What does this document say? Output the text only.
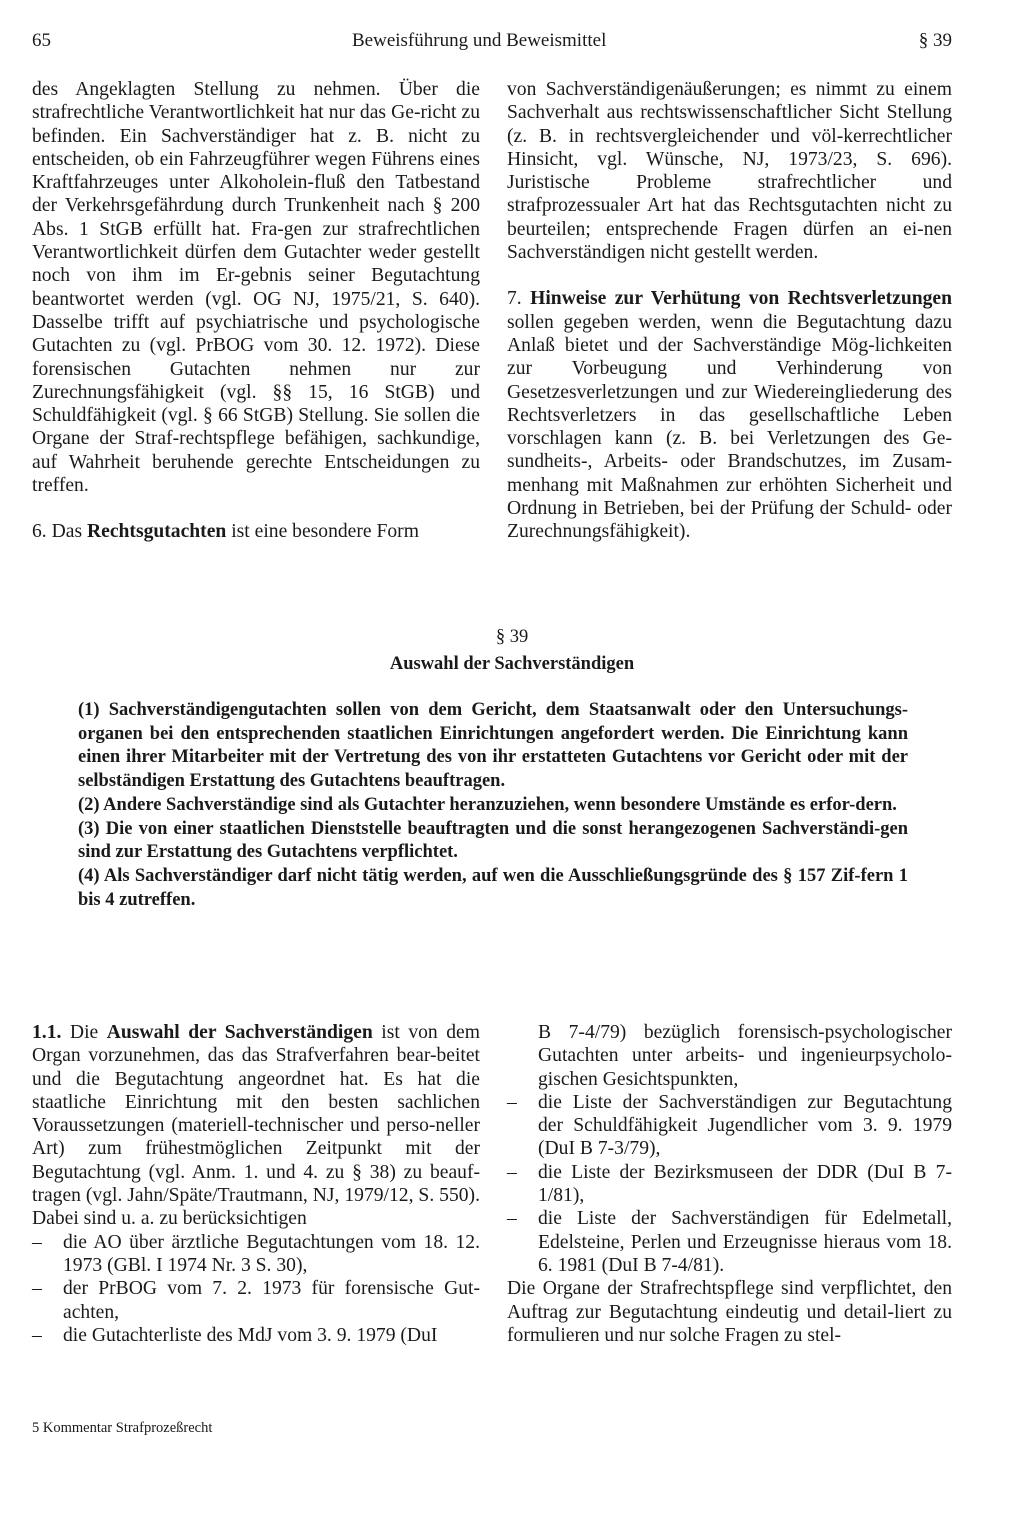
65	Beweisführung und Beweismittel	§ 39

des Angeklagten Stellung zu nehmen. Über die strafrechtliche Verantwortlichkeit hat nur das Ge-richt zu befinden. Ein Sachverständiger hat z. B. nicht zu entscheiden, ob ein Fahrzeugführer wegen Führens eines Kraftfahrzeuges unter Alkoholein-fluß den Tatbestand der Verkehrsgefährdung durch Trunkenheit nach § 200 Abs. 1 StGB erfüllt hat. Fra-gen zur strafrechtlichen Verantwortlichkeit dürfen dem Gutachter weder gestellt noch von ihm im Er-gebnis seiner Begutachtung beantwortet werden (vgl. OG NJ, 1975/21, S. 640). Dasselbe trifft auf psychiatrische und psychologische Gutachten zu (vgl. PrBOG vom 30. 12. 1972). Diese forensischen Gutachten nehmen nur zur Zurechnungsfähigkeit (vgl. §§ 15, 16 StGB) und Schuldfähigkeit (vgl. § 66 StGB) Stellung. Sie sollen die Organe der Straf-rechtspflege befähigen, sachkundige, auf Wahrheit beruhende gerechte Entscheidungen zu treffen.

6. Das Rechtsgutachten ist eine besondere Form

von Sachverständigenäußerungen; es nimmt zu einem Sachverhalt aus rechtswissenschaftlicher Sicht Stellung (z. B. in rechtsvergleichender und völ-kerrechtlicher Hinsicht, vgl. Wünsche, NJ, 1973/23, S. 696). Juristische Probleme strafrechtlicher und strafprozessualer Art hat das Rechtsgutachten nicht zu beurteilen; entsprechende Fragen dürfen an ei-nen Sachverständigen nicht gestellt werden.

7. Hinweise zur Verhütung von Rechtsverletzungen sollen gegeben werden, wenn die Begutachtung dazu Anlaß bietet und der Sachverständige Mög-lichkeiten zur Vorbeugung und Verhinderung von Gesetzesverletzungen und zur Wiedereingliederung des Rechtsverletzers in das gesellschaftliche Leben vorschlagen kann (z. B. bei Verletzungen des Ge-sundheits-, Arbeits- oder Brandschutzes, im Zusam-menhang mit Maßnahmen zur erhöhten Sicherheit und Ordnung in Betrieben, bei der Prüfung der Schuld- oder Zurechnungsfähigkeit).

§ 39
Auswahl der Sachverständigen

(1) Sachverständigengutachten sollen von dem Gericht, dem Staatsanwalt oder den Untersuchungs-organen bei den entsprechenden staatlichen Einrichtungen angefordert werden. Die Einrichtung kann einen ihrer Mitarbeiter mit der Vertretung des von ihr erstatteten Gutachtens vor Gericht oder mit der selbständigen Erstattung des Gutachtens beauftragen.

(2) Andere Sachverständige sind als Gutachter heranzuziehen, wenn besondere Umstände es erfor-dern.

(3) Die von einer staatlichen Dienststelle beauftragten und die sonst herangezogenen Sachverständi-gen sind zur Erstattung des Gutachtens verpflichtet.

(4) Als Sachverständiger darf nicht tätig werden, auf wen die Ausschließungsgründe des § 157 Zif-fern 1 bis 4 zutreffen.

1.1. Die Auswahl der Sachverständigen ist von dem Organ vorzunehmen, das das Strafverfahren bear-beitet und die Begutachtung angeordnet hat. Es hat die staatliche Einrichtung mit den besten sachlichen Voraussetzungen (materiell-technischer und perso-neller Art) zum frühestmöglichen Zeitpunkt mit der Begutachtung (vgl. Anm. 1. und 4. zu § 38) zu beauf-tragen (vgl. Jahn/Späte/Trautmann, NJ, 1979/12, S. 550). Dabei sind u. a. zu berücksichtigen

– die AO über ärztliche Begutachtungen vom 18. 12. 1973 (GBl. I 1974 Nr. 3 S. 30),

– der PrBOG vom 7. 2. 1973 für forensische Gut-achten,

– die Gutachterliste des MdJ vom 3. 9. 1979 (DuI

B 7-4/79) bezüglich forensisch-psychologischer Gutachten unter arbeits- und ingenieurpsycholo-gischen Gesichtspunkten,

– die Liste der Sachverständigen zur Begutachtung der Schuldfähigkeit Jugendlicher vom 3. 9. 1979 (DuI B 7-3/79),

– die Liste der Bezirksmuseen der DDR (DuI B 7-1/81),

– die Liste der Sachverständigen für Edelmetall, Edelsteine, Perlen und Erzeugnisse hieraus vom 18. 6. 1981 (DuI B 7-4/81).

Die Organe der Strafrechtspflege sind verpflichtet, den Auftrag zur Begutachtung eindeutig und detail-liert zu formulieren und nur solche Fragen zu stel-

5 Kommentar Strafprozeßrecht
